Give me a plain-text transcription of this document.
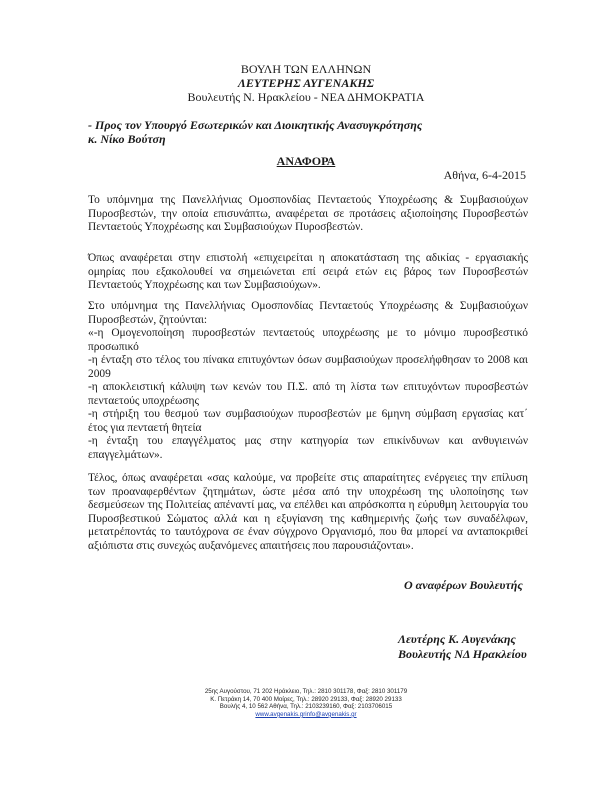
ΒΟΥΛΗ ΤΩΝ ΕΛΛΗΝΩΝ
ΛΕΥΤΕΡΗΣ ΑΥΓΕΝΑΚΗΣ
Βουλευτής Ν. Ηρακλείου - ΝΕΑ ΔΗΜΟΚΡΑΤΙΑ
- Προς τον Υπουργό Εσωτερικών και Διοικητικής Ανασυγκρότησης
κ. Νίκο Βούτση
ΑΝΑΦΟΡΑ
Αθήνα, 6-4-2015

Το υπόμνημα της Πανελλήνιας Ομοσπονδίας Πενταετούς Υποχρέωσης & Συμβασιούχων Πυροσβεστών, την οποία επισυνάπτω, αναφέρεται σε προτάσεις αξιοποίησης Πυροσβεστών Πενταετούς Υποχρέωσης και Συμβασιούχων Πυροσβεστών.

Όπως αναφέρεται στην επιστολή «επιχειρείται η αποκατάσταση της αδικίας - εργασιακής ομηρίας που εξακολουθεί να σημειώνεται επί σειρά ετών εις βάρος των Πυροσβεστών Πενταετούς Υποχρέωσης και των Συμβασιούχων».

Στο υπόμνημα της Πανελλήνιας Ομοσπονδίας Πενταετούς Υποχρέωσης & Συμβασιούχων Πυροσβεστών, ζητούνται:

«-η Ομογενοποίηση πυροσβεστών πενταετούς υποχρέωσης με το μόνιμο πυροσβεστικό προσωπικό

-η ένταξη στο τέλος του πίνακα επιτυχόντων όσων συμβασιούχων προσελήφθησαν το 2008 και 2009

-η αποκλειστική κάλυψη των κενών του Π.Σ. από τη λίστα των επιτυχόντων πυροσβεστών πενταετούς υποχρέωσης

-η στήριξη του θεσμού των συμβασιούχων πυροσβεστών με 6μηνη σύμβαση εργασίας κατ΄ έτος για πενταετή θητεία

-η ένταξη του επαγγέλματος μας στην κατηγορία των επικίνδυνων και ανθυγιεινών επαγγελμάτων».

Τέλος, όπως αναφέρεται «σας καλούμε, να προβείτε στις απαραίτητες ενέργειες την επίλυση των προαναφερθέντων ζητημάτων, ώστε μέσα από την υποχρέωση της υλοποίησης των δεσμεύσεων της Πολιτείας απέναντί μας, να επέλθει και απρόσκοπτα η εύρυθμη λειτουργία του Πυροσβεστικού Σώματος αλλά και η εξυγίανση της καθημερινής ζωής των συναδέλφων, μετατρέποντάς το ταυτόχρονα σε έναν σύγχρονο Οργανισμό, που θα μπορεί να ανταποκριθεί αξιόπιστα στις συνεχώς αυξανόμενες απαιτήσεις που παρουσιάζονται».

Ο αναφέρων Βουλευτής
Λευτέρης Κ. Αυγενάκης
Βουλευτής ΝΔ Ηρακλείου
25ης Αυγούστου, 71 202 Ηράκλειο, Τηλ.: 2810 301178, Φαξ: 2810 301179
Κ. Πετράκη 14, 70 400 Μοίρες, Τηλ.: 28920 29133, Φαξ: 28920 29133
Βουλής 4, 10 562 Αθήνα, Τηλ.: 2103239160, Φαξ: 2103706015
www.avgenakis.grinfo@avgenakis.gr
